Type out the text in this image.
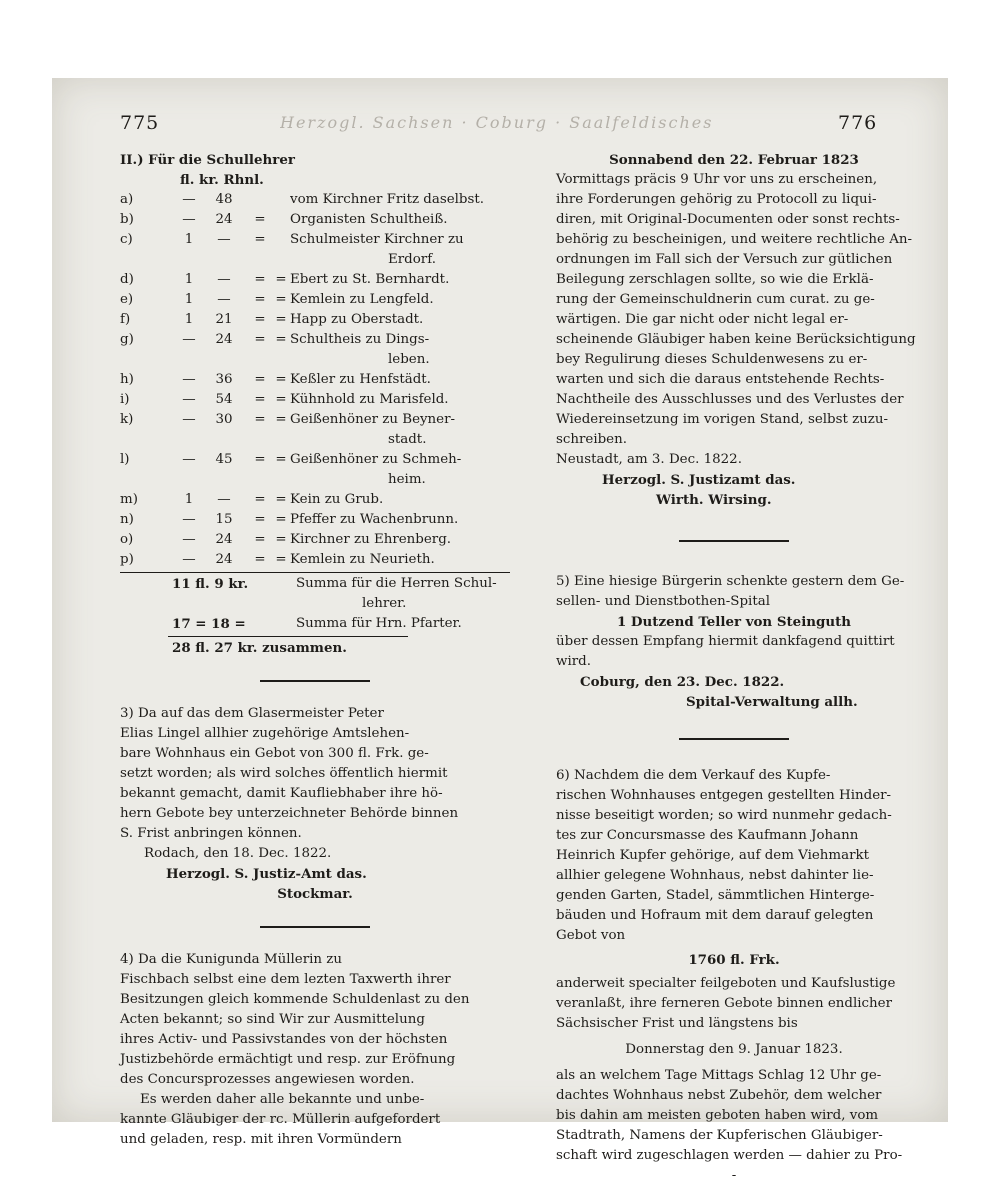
775	Herzogl. Sachsen · Coburg · Saalfeldisches	776
II.) Für die Schullehrer
fl. kr. Rhnl.
a)	—	48	vom Kirchner Fritz daselbst.
b)	—	24	=	Organisten Schultheiß.
c)	1	—	=	Schulmeister Kirchner zu
Erdorf.
d)	1	—	= = Ebert zu St. Bernhardt.
e)	1	—	= = Kemlein zu Lengfeld.
f)	1	21	= = Happ zu Oberstadt.
g)	—	24	= = Schultheis zu Dings-
leben.
h)	—	36	= = Keßler zu Henfstädt.
i)	—	54	= = Kühnhold zu Marisfeld.
k)	—	30	= = Geißenhöner zu Beyner-
stadt.
l)	—	45	= = Geißenhöner zu Schmeh-
heim.
m)	1	—	= = Kein zu Grub.
n)	—	15	= = Pfeffer zu Wachenbrunn.
o)	—	24	= = Kirchner zu Ehrenberg.
p)	—	24	= = Kemlein zu Neurieth.
11 fl. 9 kr.	Summa für die Herren Schul-
lehrer.
17 = 18 =	Summa für Hrn. Pfarter.
28 fl. 27 kr. zusammen.
3) Da auf das dem Glasermeister Peter
Elias Lingel allhier zugehörige Amtslehen-
bare Wohnhaus ein Gebot von 300 fl. Frk. ge-
setzt worden; als wird solches öffentlich hiermit
bekannt gemacht, damit Kaufliebhaber ihre hö-
hern Gebote bey unterzeichneter Behörde binnen
S. Frist anbringen können.
Rodach, den 18. Dec. 1822.
Herzogl. S. Justiz-Amt das.
Stockmar.
4) Da die Kunigunda Müllerin zu
Fischbach selbst eine dem lezten Taxwerth ihrer
Besitzungen gleich kommende Schuldenlast zu den
Acten bekannt; so sind Wir zur Ausmittelung
ihres Activ- und Passivstandes von der höchsten
Justizbehörde ermächtigt und resp. zur Eröfnung
des Concursprozesses angewiesen worden.
Es werden daher alle bekannte und unbe-
kannte Gläubiger der rc. Müllerin aufgefordert
und geladen, resp. mit ihren Vormündern
Sonnabend den 22. Februar 1823
Vormittags präcis 9 Uhr vor uns zu erscheinen,
ihre Forderungen gehörig zu Protocoll zu liqui-
diren, mit Original-Documenten oder sonst rechts-
behörig zu bescheinigen, und weitere rechtliche An-
ordnungen im Fall sich der Versuch zur gütlichen
Beilegung zerschlagen sollte, so wie die Erklä-
rung der Gemeinschuldnerin cum curat. zu ge-
wärtigen. Die gar nicht oder nicht legal er-
scheinende Gläubiger haben keine Berücksichtigung
bey Regulirung dieses Schuldenwesens zu er-
warten und sich die daraus entstehende Rechts-
Nachtheile des Ausschlusses und des Verlustes der
Wiedereinsetzung im vorigen Stand, selbst zuzu-
schreiben.
Neustadt, am 3. Dec. 1822.
Herzogl. S. Justizamt das.
Wirth. Wirsing.
5) Eine hiesige Bürgerin schenkte gestern dem Ge-
sellen- und Dienstbothen-Spital
1 Dutzend Teller von Steinguth
über dessen Empfang hiermit dankfagend quittirt
wird.
Coburg, den 23. Dec. 1822.
Spital-Verwaltung allh.
6) Nachdem die dem Verkauf des Kupfe-
rischen Wohnhauses entgegen gestellten Hinder-
nisse beseitigt worden; so wird nunmehr gedach-
tes zur Concursmasse des Kaufmann Johann
Heinrich Kupfer gehörige, auf dem Viehmarkt
allhier gelegene Wohnhaus, nebst dahinter lie-
genden Garten, Stadel, sämmtlichen Hinterge-
bäuden und Hofraum mit dem darauf gelegten
Gebot von
1760 fl. Frk.
anderweit specialter feilgeboten und Kaufslustige
veranlaßt, ihre ferneren Gebote binnen endlicher
Sächsischer Frist und längstens bis
Donnerstag den 9. Januar 1823.
als an welchem Tage Mittags Schlag 12 Uhr ge-
dachtes Wohnhaus nebst Zubehör, dem welcher
bis dahin am meisten geboten haben wird, vom
Stadtrath, Namens der Kupferischen Gläubiger-
schaft wird zugeschlagen werden — dahier zu Pro-
-
